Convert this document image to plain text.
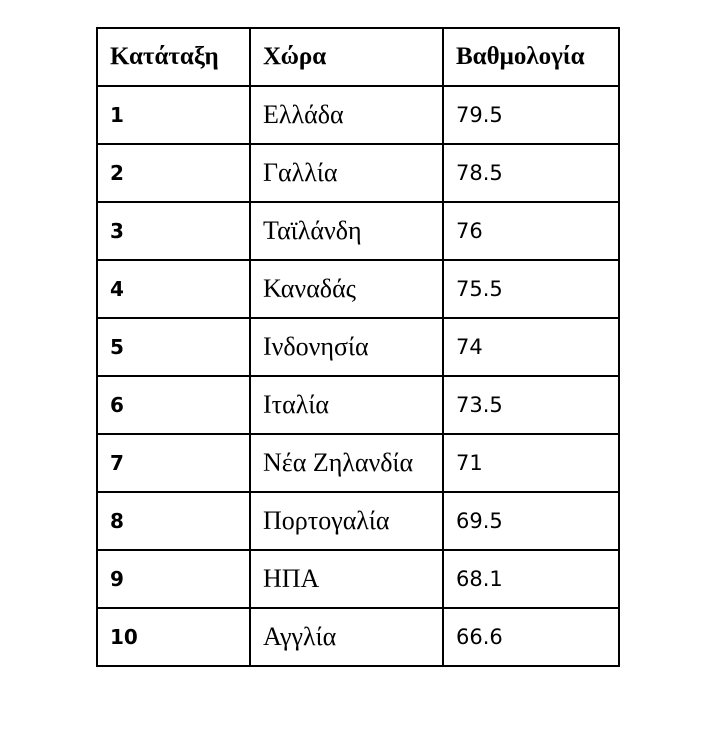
Κατάταξη	Χώρα	Βαθμολογία
1	Ελλάδα	79.5
2	Γαλλία	78.5
3	Ταϊλάνδη	76
4	Καναδάς	75.5
5	Ινδονησία	74
6	Ιταλία	73.5
7	Νέα Ζηλανδία	71
8	Πορτογαλία	69.5
9	ΗΠΑ	68.1
10	Αγγλία	66.6
